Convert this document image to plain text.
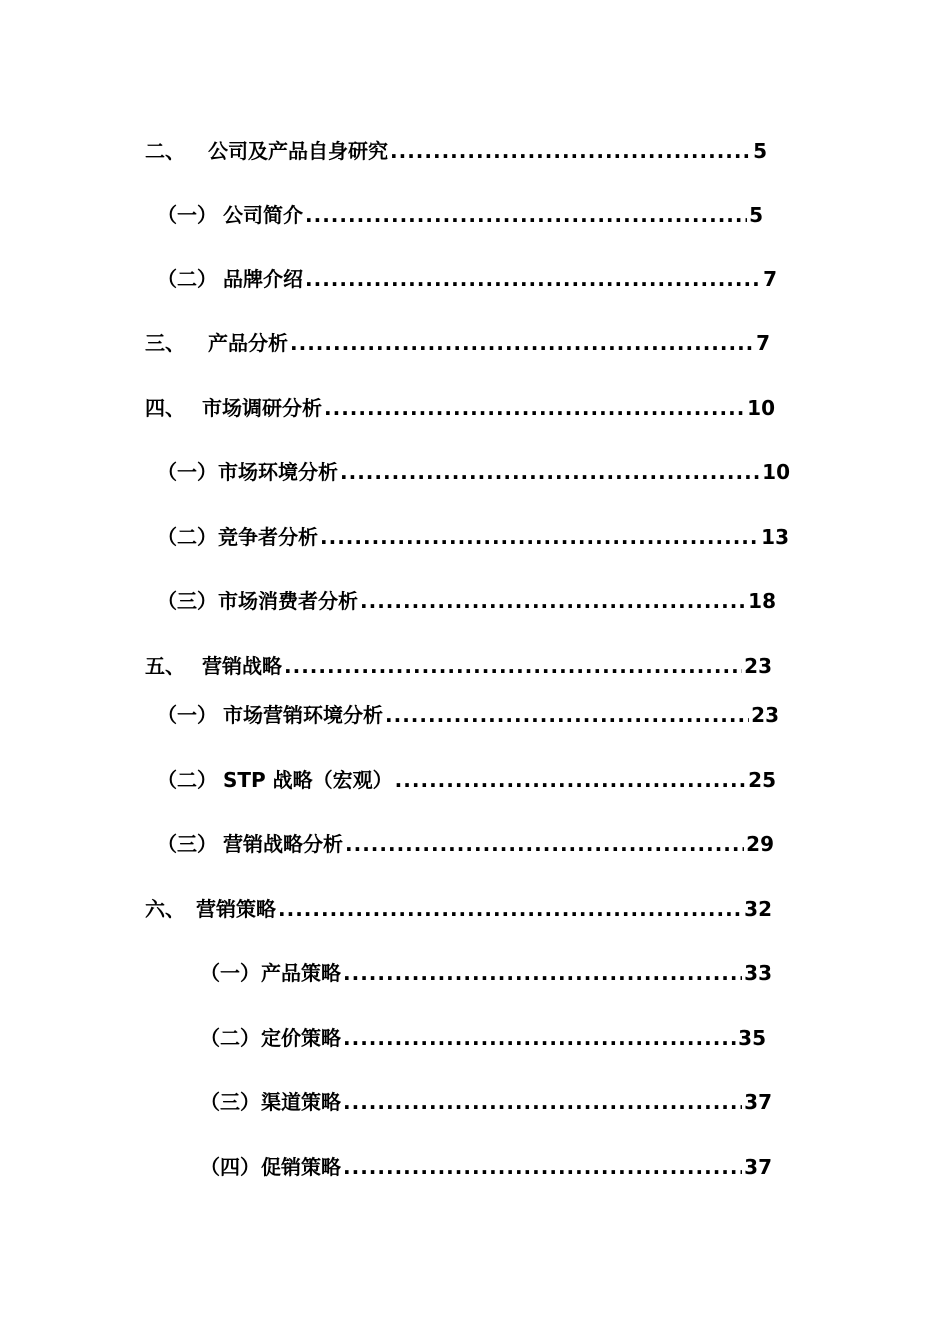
二、	公司及产品自身研究 .....	5
（一） 公司简介 .....	5
（二） 品牌介绍 .....	7
三、	产品分析 .....	7
四、 市场调研分析 .....	10
（一） 市场环境分析 .....	10
（二） 竞争者分析 .....	13
（三） 市场消费者分析 .....	18
五、 营销战略 .....	23
（一） 市场营销环境分析 .....	23
（二） STP 战略（宏观） .....	25
（三） 营销战略分析 .....	29
六、 营销策略 .....	32
（一） 产品策略 .....	33
（二） 定价策略 .....	35
（三） 渠道策略 .....	37
（四） 促销策略 .....	37
